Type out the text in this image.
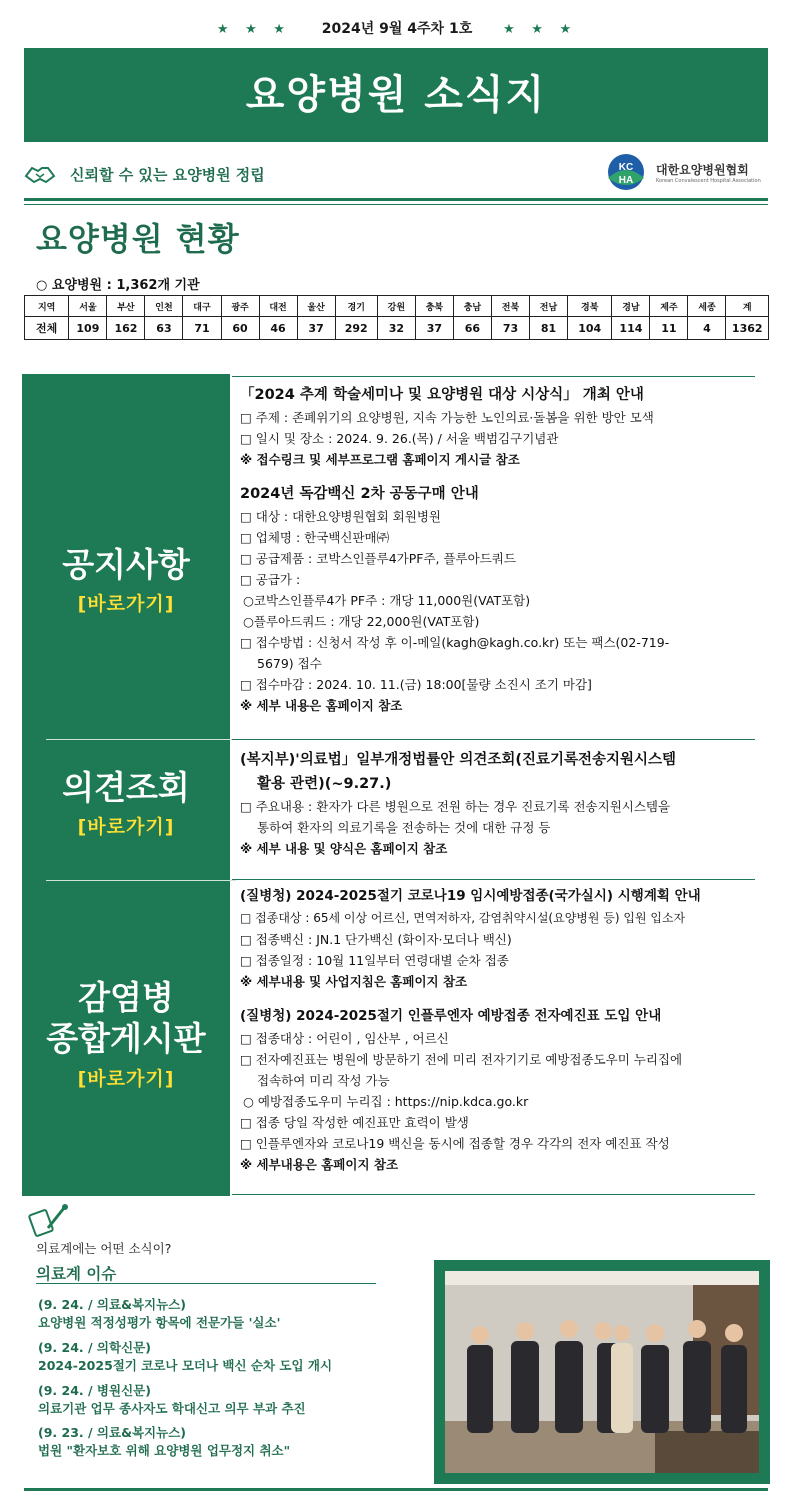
★ ★ ★ 2024년 9월 4주차 1호 ★ ★ ★
요양병원 소식지
신뢰할 수 있는 요양병원 정립	KC
HA
대한요양병원협회
Korean Convalescent Hospital Association
요양병원 현황
○ 요양병원 : 1,362개 기관
지역	서울	부산	인천	대구	광주	대전	울산	경기	강원	충북	충남	전북	전남	경북	경남	제주	세종	계
전체	109	162	63	71	60	46	37	292	32	37	66	73	81	104	114	11	4	1362
공지사항
[바로가기]
의견조회
[바로가기]
감염병
종합게시판
[바로가기]
「2024 추계 학술세미나 및 요양병원 대상 시상식」 개최 안내
□ 주제 : 존폐위기의 요양병원, 지속 가능한 노인의료·돌봄을 위한 방안 모색
□ 일시 및 장소 : 2024. 9. 26.(목) / 서울 백범김구기념관
※ 접수링크 및 세부프로그램 홈페이지 게시글 참조
2024년 독감백신 2차 공동구매 안내
□ 대상 : 대한요양병원협회 회원병원
□ 업체명 : 한국백신판매㈜
□ 공급제품 : 코박스인플루4가PF주, 플루아드쿼드
□ 공급가 :
○코박스인플루4가 PF주 : 개당 11,000원(VAT포함)
○플루아드쿼드 : 개당 22,000원(VAT포함)
□ 접수방법 : 신청서 작성 후 이-메일(kagh@kagh.co.kr) 또는 팩스(02-719-
5679) 접수
□ 접수마감 : 2024. 10. 11.(금) 18:00[물량 소진시 조기 마감]
※ 세부 내용은 홈페이지 참조
(복지부)'의료법」일부개정법률안 의견조회(진료기록전송지원시스템
활용 관련)(~9.27.)
□ 주요내용 : 환자가 다른 병원으로 전원 하는 경우 진료기록 전송지원시스템을
통하여 환자의 의료기록을 전송하는 것에 대한 규정 등
※ 세부 내용 및 양식은 홈페이지 참조
(질병청) 2024-2025절기 코로나19 임시예방접종(국가실시) 시행계획 안내
□ 접종대상 : 65세 이상 어르신, 면역저하자, 감염취약시설(요양병원 등) 입원 입소자
□ 접종백신 : JN.1 단가백신 (화이자·모더나 백신)
□ 접종일정 : 10월 11일부터 연령대별 순차 접종
※ 세부내용 및 사업지침은 홈페이지 참조
(질병청) 2024-2025절기 인플루엔자 예방접종 전자예진표 도입 안내
□ 접종대상 : 어린이 , 임산부 , 어르신
□ 전자예진표는 병원에 방문하기 전에 미리 전자기기로 예방접종도우미 누리집에
접속하여 미리 작성 가능
○ 예방접종도우미 누리집 : https://nip.kdca.go.kr
□ 접종 당일 작성한 예진표만 효력이 발생
□ 인플루엔자와 코로나19 백신을 동시에 접종할 경우 각각의 전자 예진표 작성
※ 세부내용은 홈페이지 참조
의료계에는 어떤 소식이?
의료계 이슈
(9. 24. / 의료&복지뉴스)
요양병원 적정성평가 항목에 전문가들 '실소'
(9. 24. / 의학신문)
2024-2025절기 코로나 모더나 백신 순차 도입 개시
(9. 24. / 병원신문)
의료기관 업무 종사자도 학대신고 의무 부과 추진
(9. 23. / 의료&복지뉴스)
법원 "환자보호 위해 요양병원 업무정지 취소"
